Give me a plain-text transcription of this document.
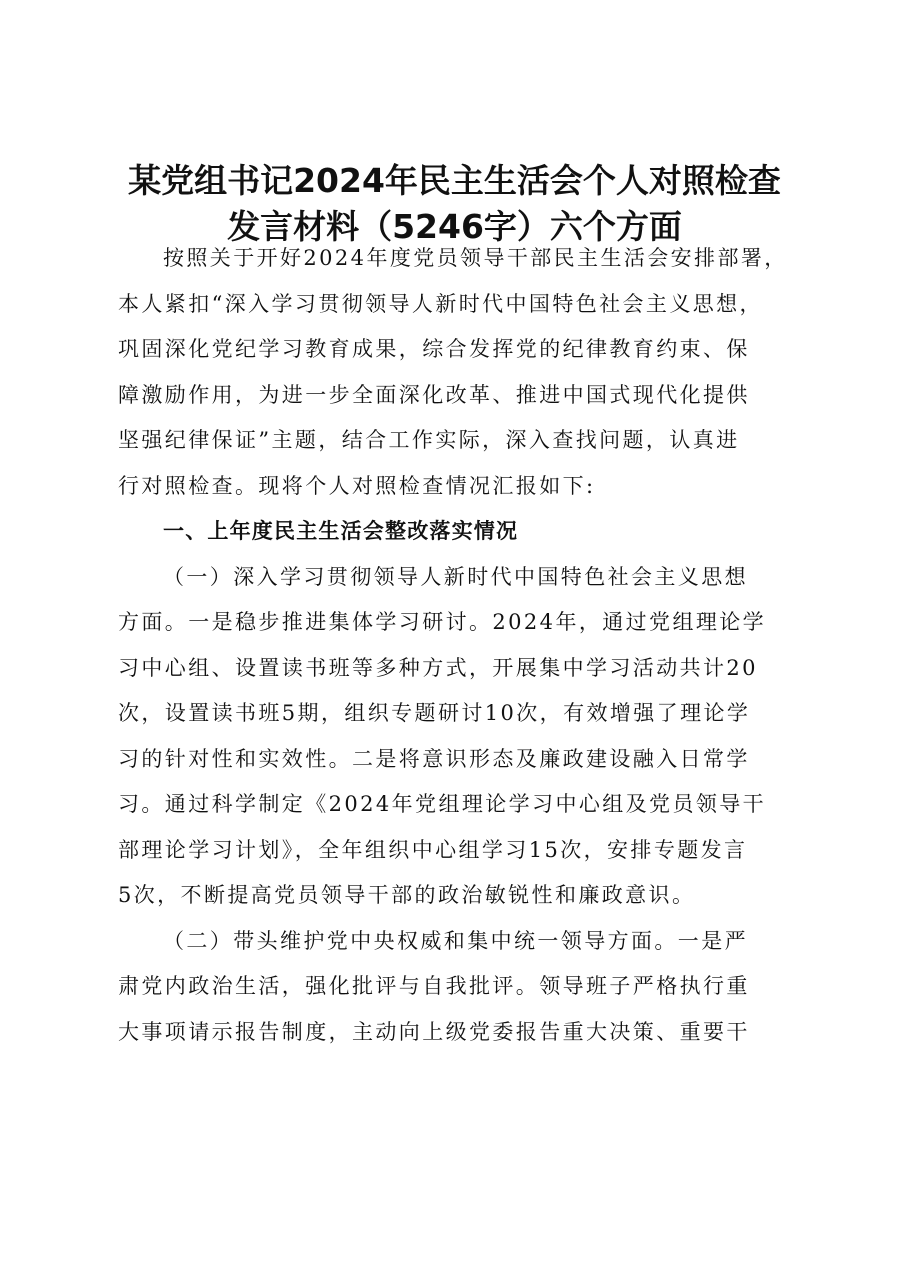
某党组书记2024年民主生活会个人对照检查
发言材料（5246字）六个方面
按照关于开好2024年度党员领导干部民主生活会安排部署，
本人紧扣“深入学习贯彻领导人新时代中国特色社会主义思想，
巩固深化党纪学习教育成果，综合发挥党的纪律教育约束、保
障激励作用，为进一步全面深化改革、推进中国式现代化提供
坚强纪律保证”主题，结合工作实际，深入查找问题，认真进
行对照检查。现将个人对照检查情况汇报如下:
一、上年度民主生活会整改落实情况
（一）深入学习贯彻领导人新时代中国特色社会主义思想
方面。一是稳步推进集体学习研讨。2024年，通过党组理论学
习中心组、设置读书班等多种方式，开展集中学习活动共计20
次，设置读书班5期，组织专题研讨10次，有效增强了理论学
习的针对性和实效性。二是将意识形态及廉政建设融入日常学
习。通过科学制定《2024年党组理论学习中心组及党员领导干
部理论学习计划》，全年组织中心组学习15次，安排专题发言
5次，不断提高党员领导干部的政治敏锐性和廉政意识。
（二）带头维护党中央权威和集中统一领导方面。一是严
肃党内政治生活，强化批评与自我批评。领导班子严格执行重
大事项请示报告制度，主动向上级党委报告重大决策、重要干
